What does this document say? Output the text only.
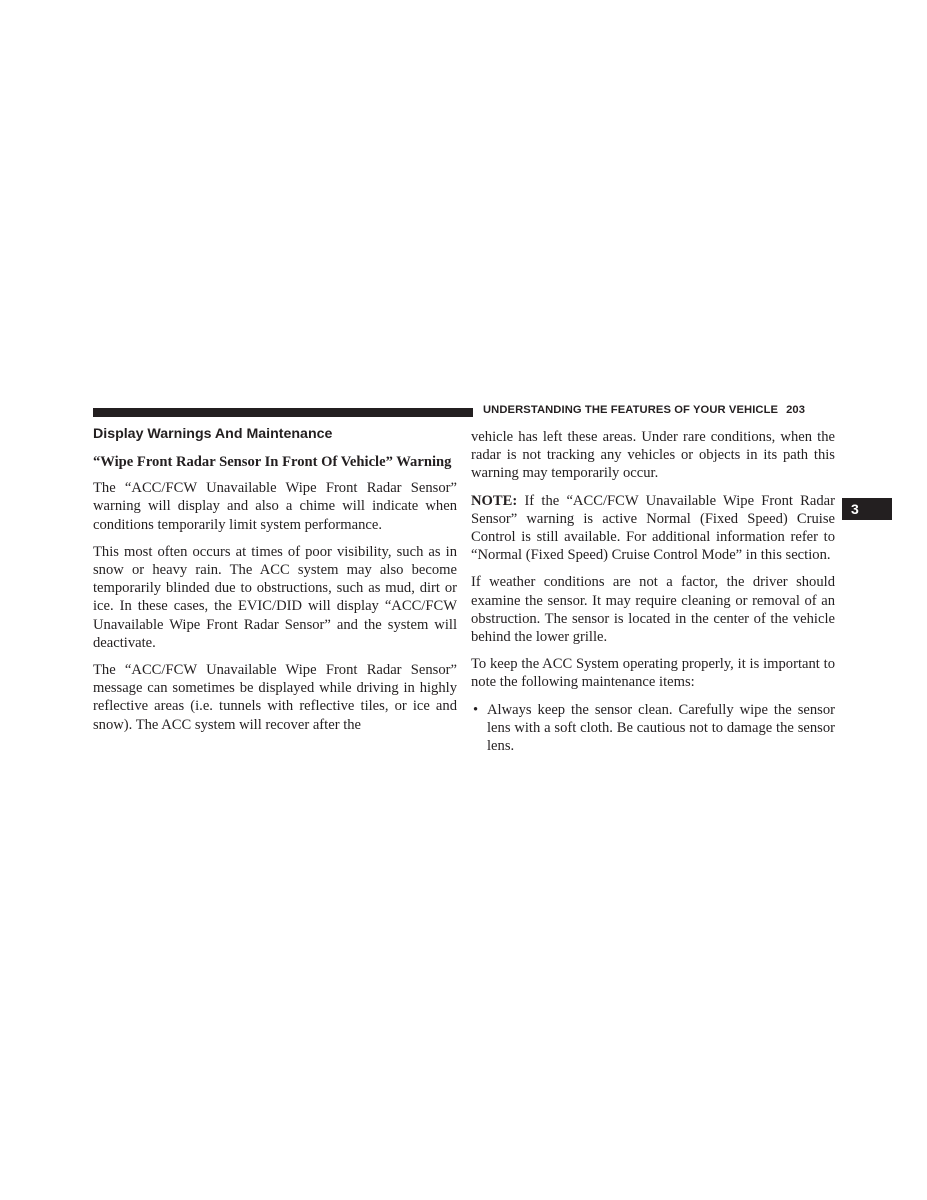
UNDERSTANDING THE FEATURES OF YOUR VEHICLE 203
3
Display Warnings And Maintenance
“Wipe Front Radar Sensor In Front Of Vehicle” Warning

The “ACC/FCW Unavailable Wipe Front Radar Sensor” warning will display and also a chime will indicate when conditions temporarily limit system performance.

This most often occurs at times of poor visibility, such as in snow or heavy rain. The ACC system may also become temporarily blinded due to obstructions, such as mud, dirt or ice. In these cases, the EVIC/DID will display “ACC/FCW Unavailable Wipe Front Radar Sensor” and the system will deactivate.

The “ACC/FCW Unavailable Wipe Front Radar Sensor” message can sometimes be displayed while driving in highly reflective areas (i.e. tunnels with reflective tiles, or ice and snow). The ACC system will recover after the

vehicle has left these areas. Under rare conditions, when the radar is not tracking any vehicles or objects in its path this warning may temporarily occur.

NOTE: If the “ACC/FCW Unavailable Wipe Front Radar Sensor” warning is active Normal (Fixed Speed) Cruise Control is still available. For additional information refer to “Normal (Fixed Speed) Cruise Control Mode” in this section.

If weather conditions are not a factor, the driver should examine the sensor. It may require cleaning or removal of an obstruction. The sensor is located in the center of the vehicle behind the lower grille.

To keep the ACC System operating properly, it is important to note the following maintenance items:

• Always keep the sensor clean. Carefully wipe the sensor lens with a soft cloth. Be cautious not to damage the sensor lens.
